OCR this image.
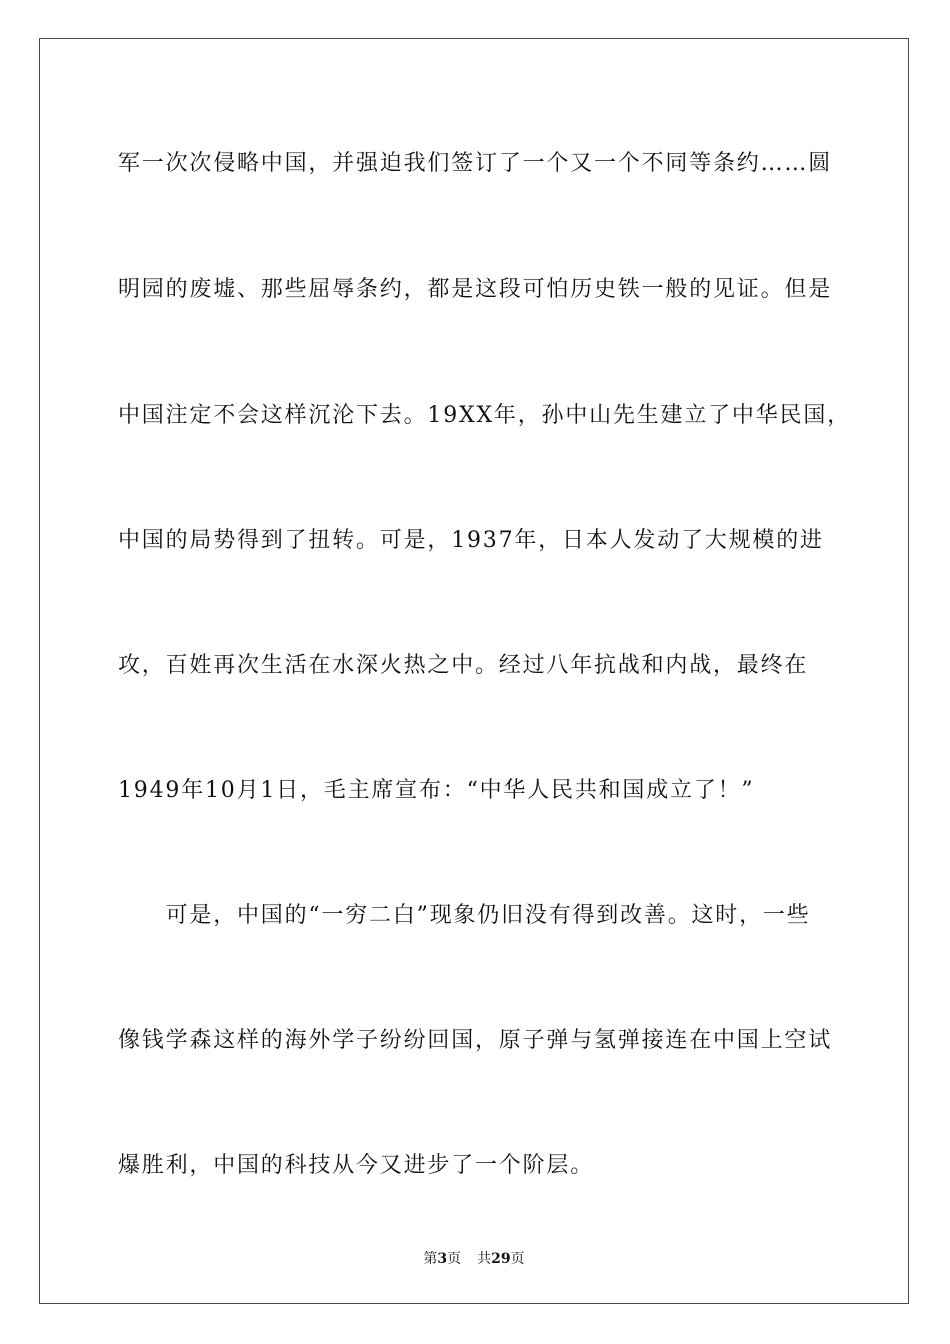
军一次次侵略中国，并强迫我们签订了一个又一个不同等条约……圆
明园的废墟、那些屈辱条约，都是这段可怕历史铁一般的见证。但是
中国注定不会这样沉沦下去。19XX年，孙中山先生建立了中华民国，
中国的局势得到了扭转。可是，1937年，日本人发动了大规模的进
攻，百姓再次生活在水深火热之中。经过八年抗战和内战，最终在
1949年10月1日，毛主席宣布：“中华人民共和国成立了！”
　　可是，中国的“一穷二白”现象仍旧没有得到改善。这时，一些
像钱学森这样的海外学子纷纷回国，原子弹与氢弹接连在中国上空试
爆胜利，中国的科技从今又进步了一个阶层。
第3页 共29页
